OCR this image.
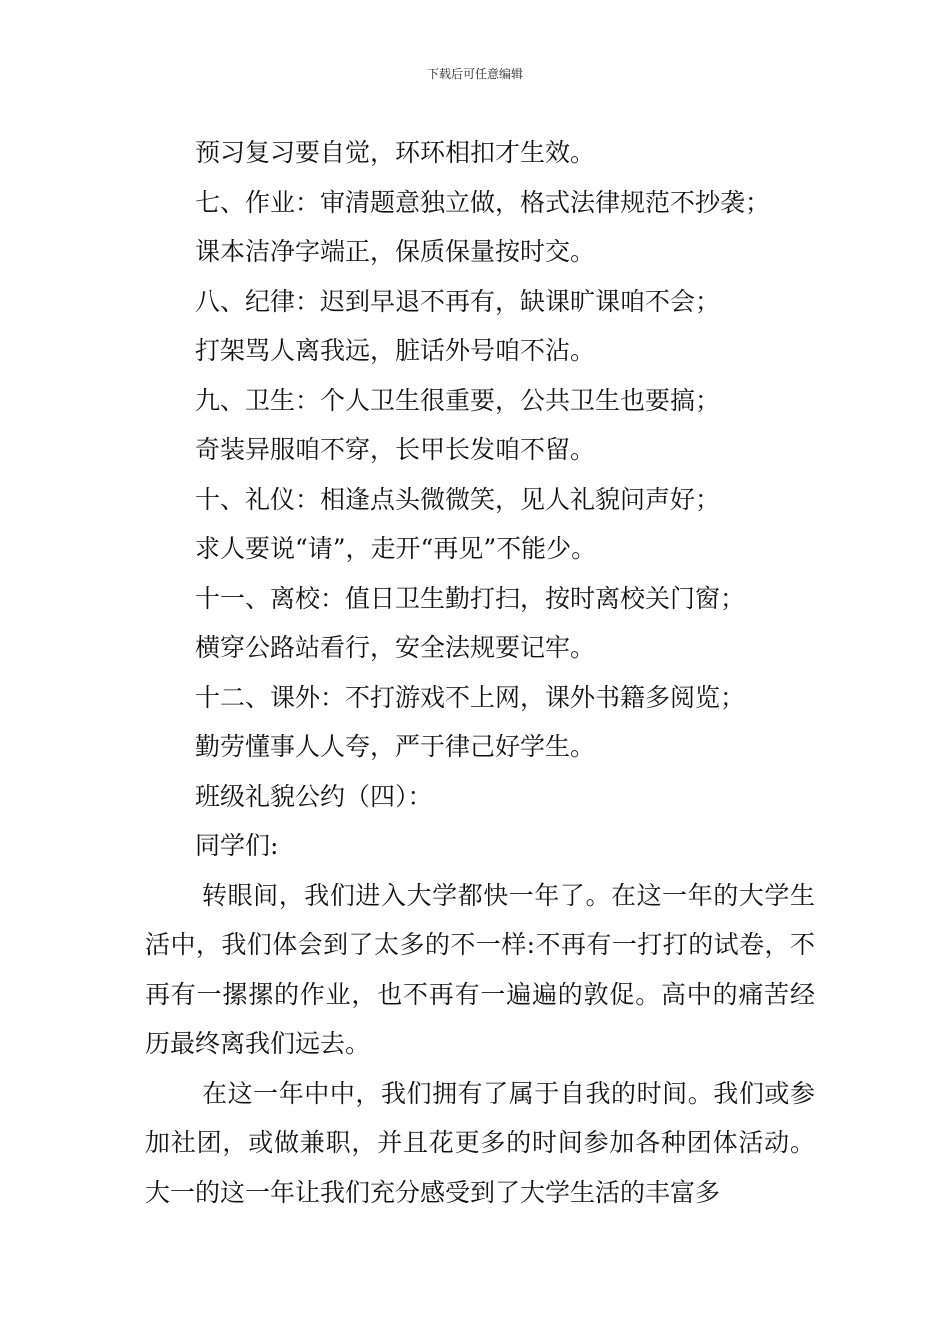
下载后可任意编辑
预习复习要自觉，环环相扣才生效。
七、作业：审清题意独立做，格式法律规范不抄袭；
课本洁净字端正，保质保量按时交。
八、纪律：迟到早退不再有，缺课旷课咱不会；
打架骂人离我远，脏话外号咱不沾。
九、卫生：个人卫生很重要，公共卫生也要搞；
奇装异服咱不穿，长甲长发咱不留。
十、礼仪：相逢点头微微笑，见人礼貌问声好；
求人要说“请”，走开“再见”不能少。
十一、离校：值日卫生勤打扫，按时离校关门窗；
横穿公路站看行，安全法规要记牢。
十二、课外：不打游戏不上网，课外书籍多阅览；
勤劳懂事人人夸，严于律己好学生。
班级礼貌公约（四）：
同学们:

转眼间，我们进入大学都快一年了。在这一年的大学生活中，我们体会到了太多的不一样:不再有一打打的试卷，不再有一摞摞的作业，也不再有一遍遍的敦促。高中的痛苦经历最终离我们远去。

在这一年中中，我们拥有了属于自我的时间。我们或参加社团，或做兼职，并且花更多的时间参加各种团体活动。大一的这一年让我们充分感受到了大学生活的丰富多
